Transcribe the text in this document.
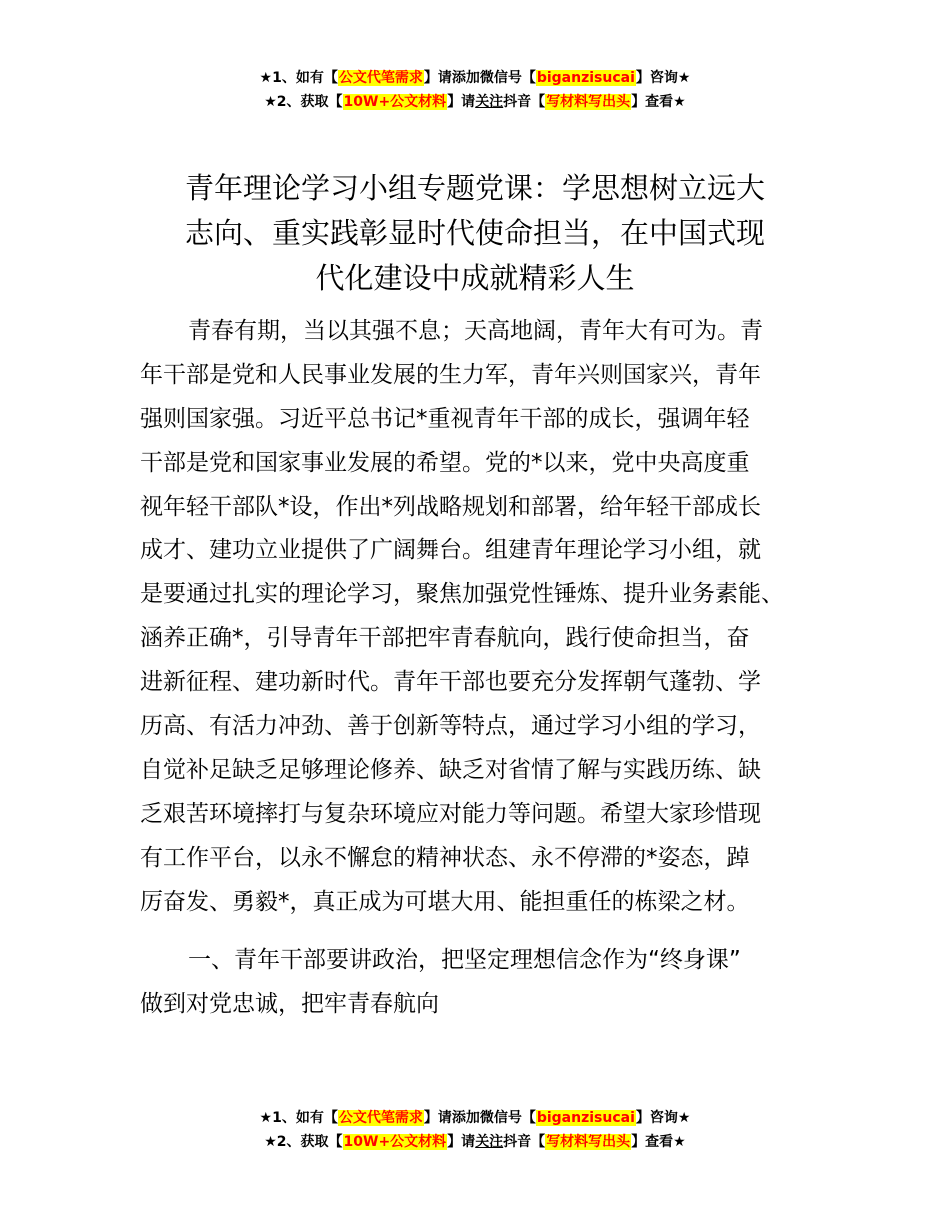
★1、如有【公文代笔需求】请添加微信号【biganzisucai】咨询★
★2、获取【10W+公文材料】请关注抖音【写材料写出头】查看★
青年理论学习小组专题党课：学思想树立远大
志向、重实践彰显时代使命担当，在中国式现
代化建设中成就精彩人生
青春有期，当以其强不息；天高地阔，青年大有可为。青
年干部是党和人民事业发展的生力军，青年兴则国家兴，青年
强则国家强。习近平总书记*重视青年干部的成长，强调年轻
干部是党和国家事业发展的希望。党的*以来，党中央高度重
视年轻干部队*设，作出*列战略规划和部署，给年轻干部成长
成才、建功立业提供了广阔舞台。组建青年理论学习小组，就
是要通过扎实的理论学习，聚焦加强党性锤炼、提升业务素能、
涵养正确*，引导青年干部把牢青春航向，践行使命担当，奋
进新征程、建功新时代。青年干部也要充分发挥朝气蓬勃、学
历高、有活力冲劲、善于创新等特点，通过学习小组的学习，
自觉补足缺乏足够理论修养、缺乏对省情了解与实践历练、缺
乏艰苦环境摔打与复杂环境应对能力等问题。希望大家珍惜现
有工作平台，以永不懈怠的精神状态、永不停滞的*姿态，踔
厉奋发、勇毅*，真正成为可堪大用、能担重任的栋梁之材。
一、青年干部要讲政治，把坚定理想信念作为“终身课”
做到对党忠诚，把牢青春航向
★1、如有【公文代笔需求】请添加微信号【biganzisucai】咨询★
★2、获取【10W+公文材料】请关注抖音【写材料写出头】查看★
